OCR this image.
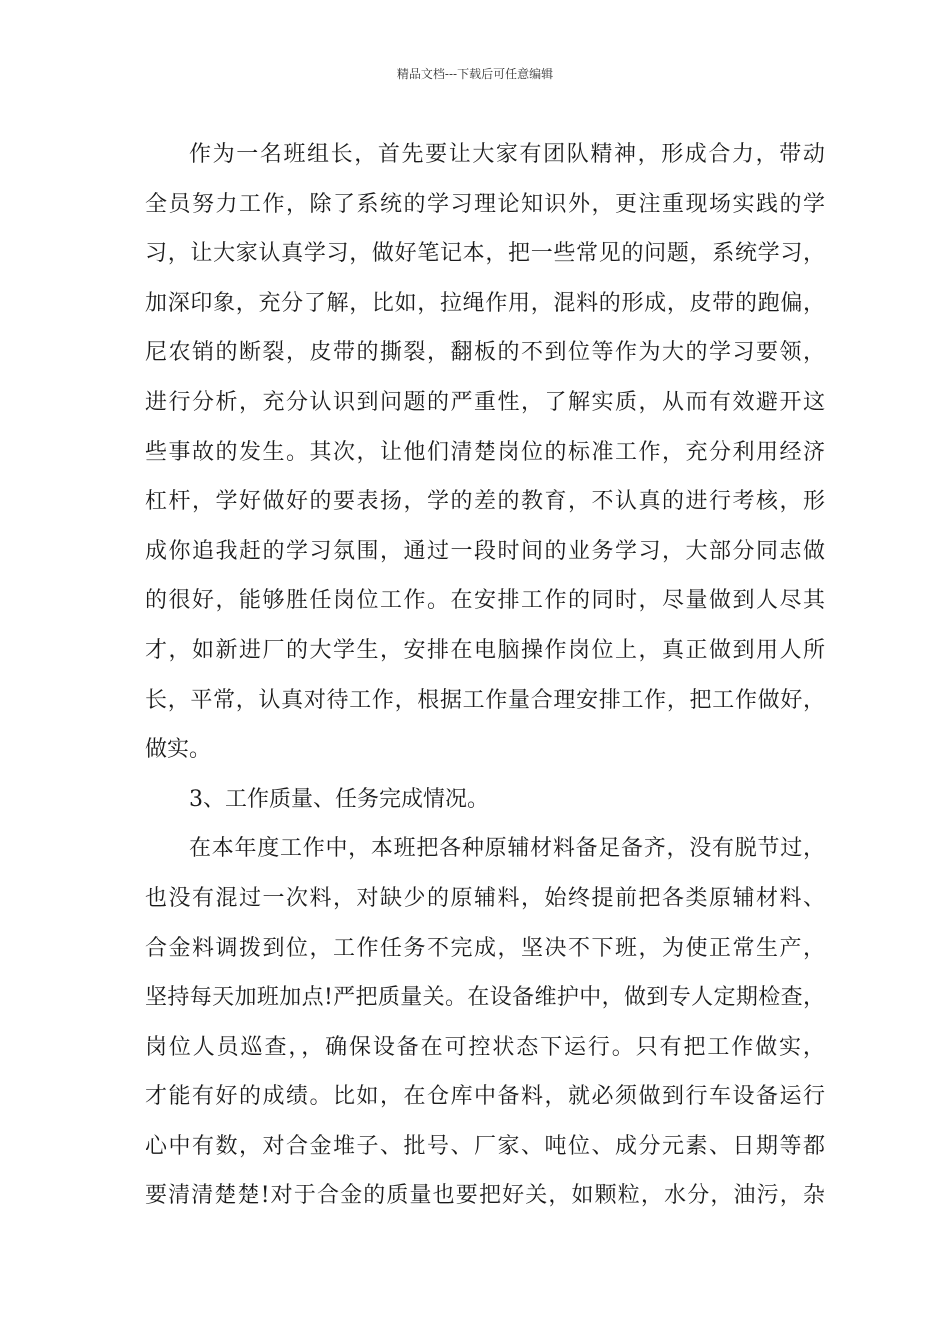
精品文档---下载后可任意编辑
作为一名班组长，首先要让大家有团队精神，形成合力，带动
全员努力工作，除了系统的学习理论知识外，更注重现场实践的学
习，让大家认真学习，做好笔记本，把一些常见的问题，系统学习，
加深印象，充分了解，比如，拉绳作用，混料的形成，皮带的跑偏，
尼农销的断裂，皮带的撕裂，翻板的不到位等作为大的学习要领，
进行分析，充分认识到问题的严重性，了解实质，从而有效避开这
些事故的发生。其次，让他们清楚岗位的标准工作，充分利用经济
杠杆，学好做好的要表扬，学的差的教育，不认真的进行考核，形
成你追我赶的学习氛围，通过一段时间的业务学习，大部分同志做
的很好，能够胜任岗位工作。在安排工作的同时，尽量做到人尽其
才，如新进厂的大学生，安排在电脑操作岗位上，真正做到用人所
长，平常，认真对待工作，根据工作量合理安排工作，把工作做好，
做实。
3、工作质量、任务完成情况。
在本年度工作中，本班把各种原辅材料备足备齐，没有脱节过，
也没有混过一次料，对缺少的原辅料，始终提前把各类原辅材料、
合金料调拨到位，工作任务不完成，坚决不下班，为使正常生产，
坚持每天加班加点!严把质量关。在设备维护中，做到专人定期检查，
岗位人员巡查，，确保设备在可控状态下运行。只有把工作做实，
才能有好的成绩。比如，在仓库中备料，就必须做到行车设备运行
心中有数，对合金堆子、批号、厂家、吨位、成分元素、日期等都
要清清楚楚!对于合金的质量也要把好关，如颗粒，水分，油污，杂
